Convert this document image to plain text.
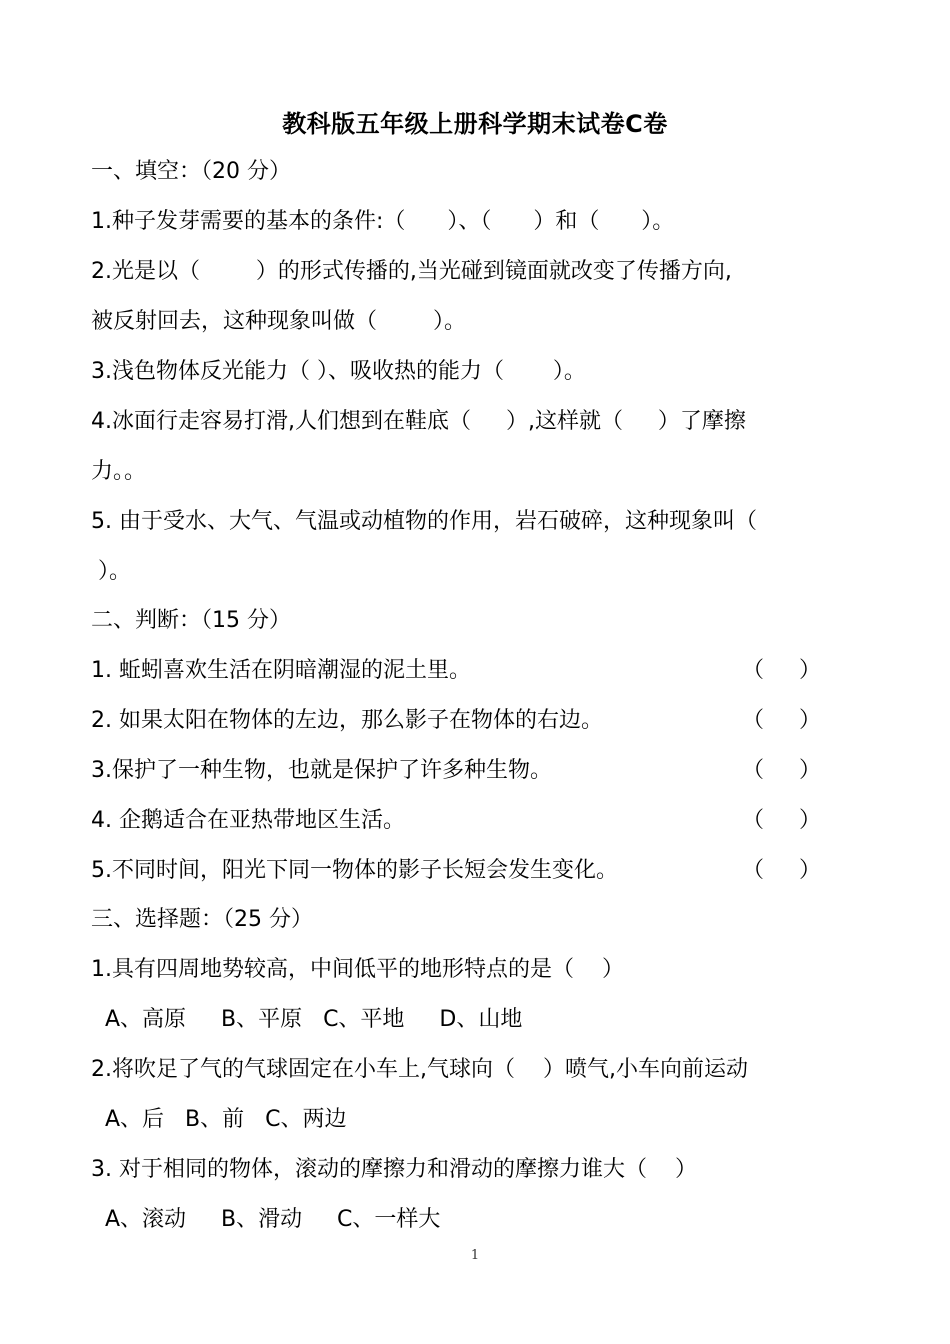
教科版五年级上册科学期末试卷C卷
一、填空：（20 分）
1.种子发芽需要的基本的条件:（      ）、（      ）和（      ）。
2.光是以（        ）的形式传播的,当光碰到镜面就改变了传播方向,
被反射回去，这种现象叫做（        ）。
3.浅色物体反光能力（ ）、吸收热的能力（       ）。
4.冰面行走容易打滑,人们想到在鞋底（     ）,这样就（     ）了摩擦
力。。
5. 由于受水、大气、气温或动植物的作用，岩石破碎，这种现象叫（
）。
二、判断：（15 分）
1. 蚯蚓喜欢生活在阴暗潮湿的泥土里。	（     ）
2. 如果太阳在物体的左边，那么影子在物体的右边。	（     ）
3.保护了一种生物，也就是保护了许多种生物。	（     ）
4. 企鹅适合在亚热带地区生活。	（     ）
5.不同时间，阳光下同一物体的影子长短会发生变化。	（     ）
三、选择题：（25 分）
1.具有四周地势较高，中间低平的地形特点的是（    ）
A、高原     B、平原   C、平地     D、山地
2.将吹足了气的气球固定在小车上,气球向（    ）喷气,小车向前运动
A、后   B、前   C、两边
3. 对于相同的物体，滚动的摩擦力和滑动的摩擦力谁大（    ）
A、滚动     B、滑动     C、一样大
1
